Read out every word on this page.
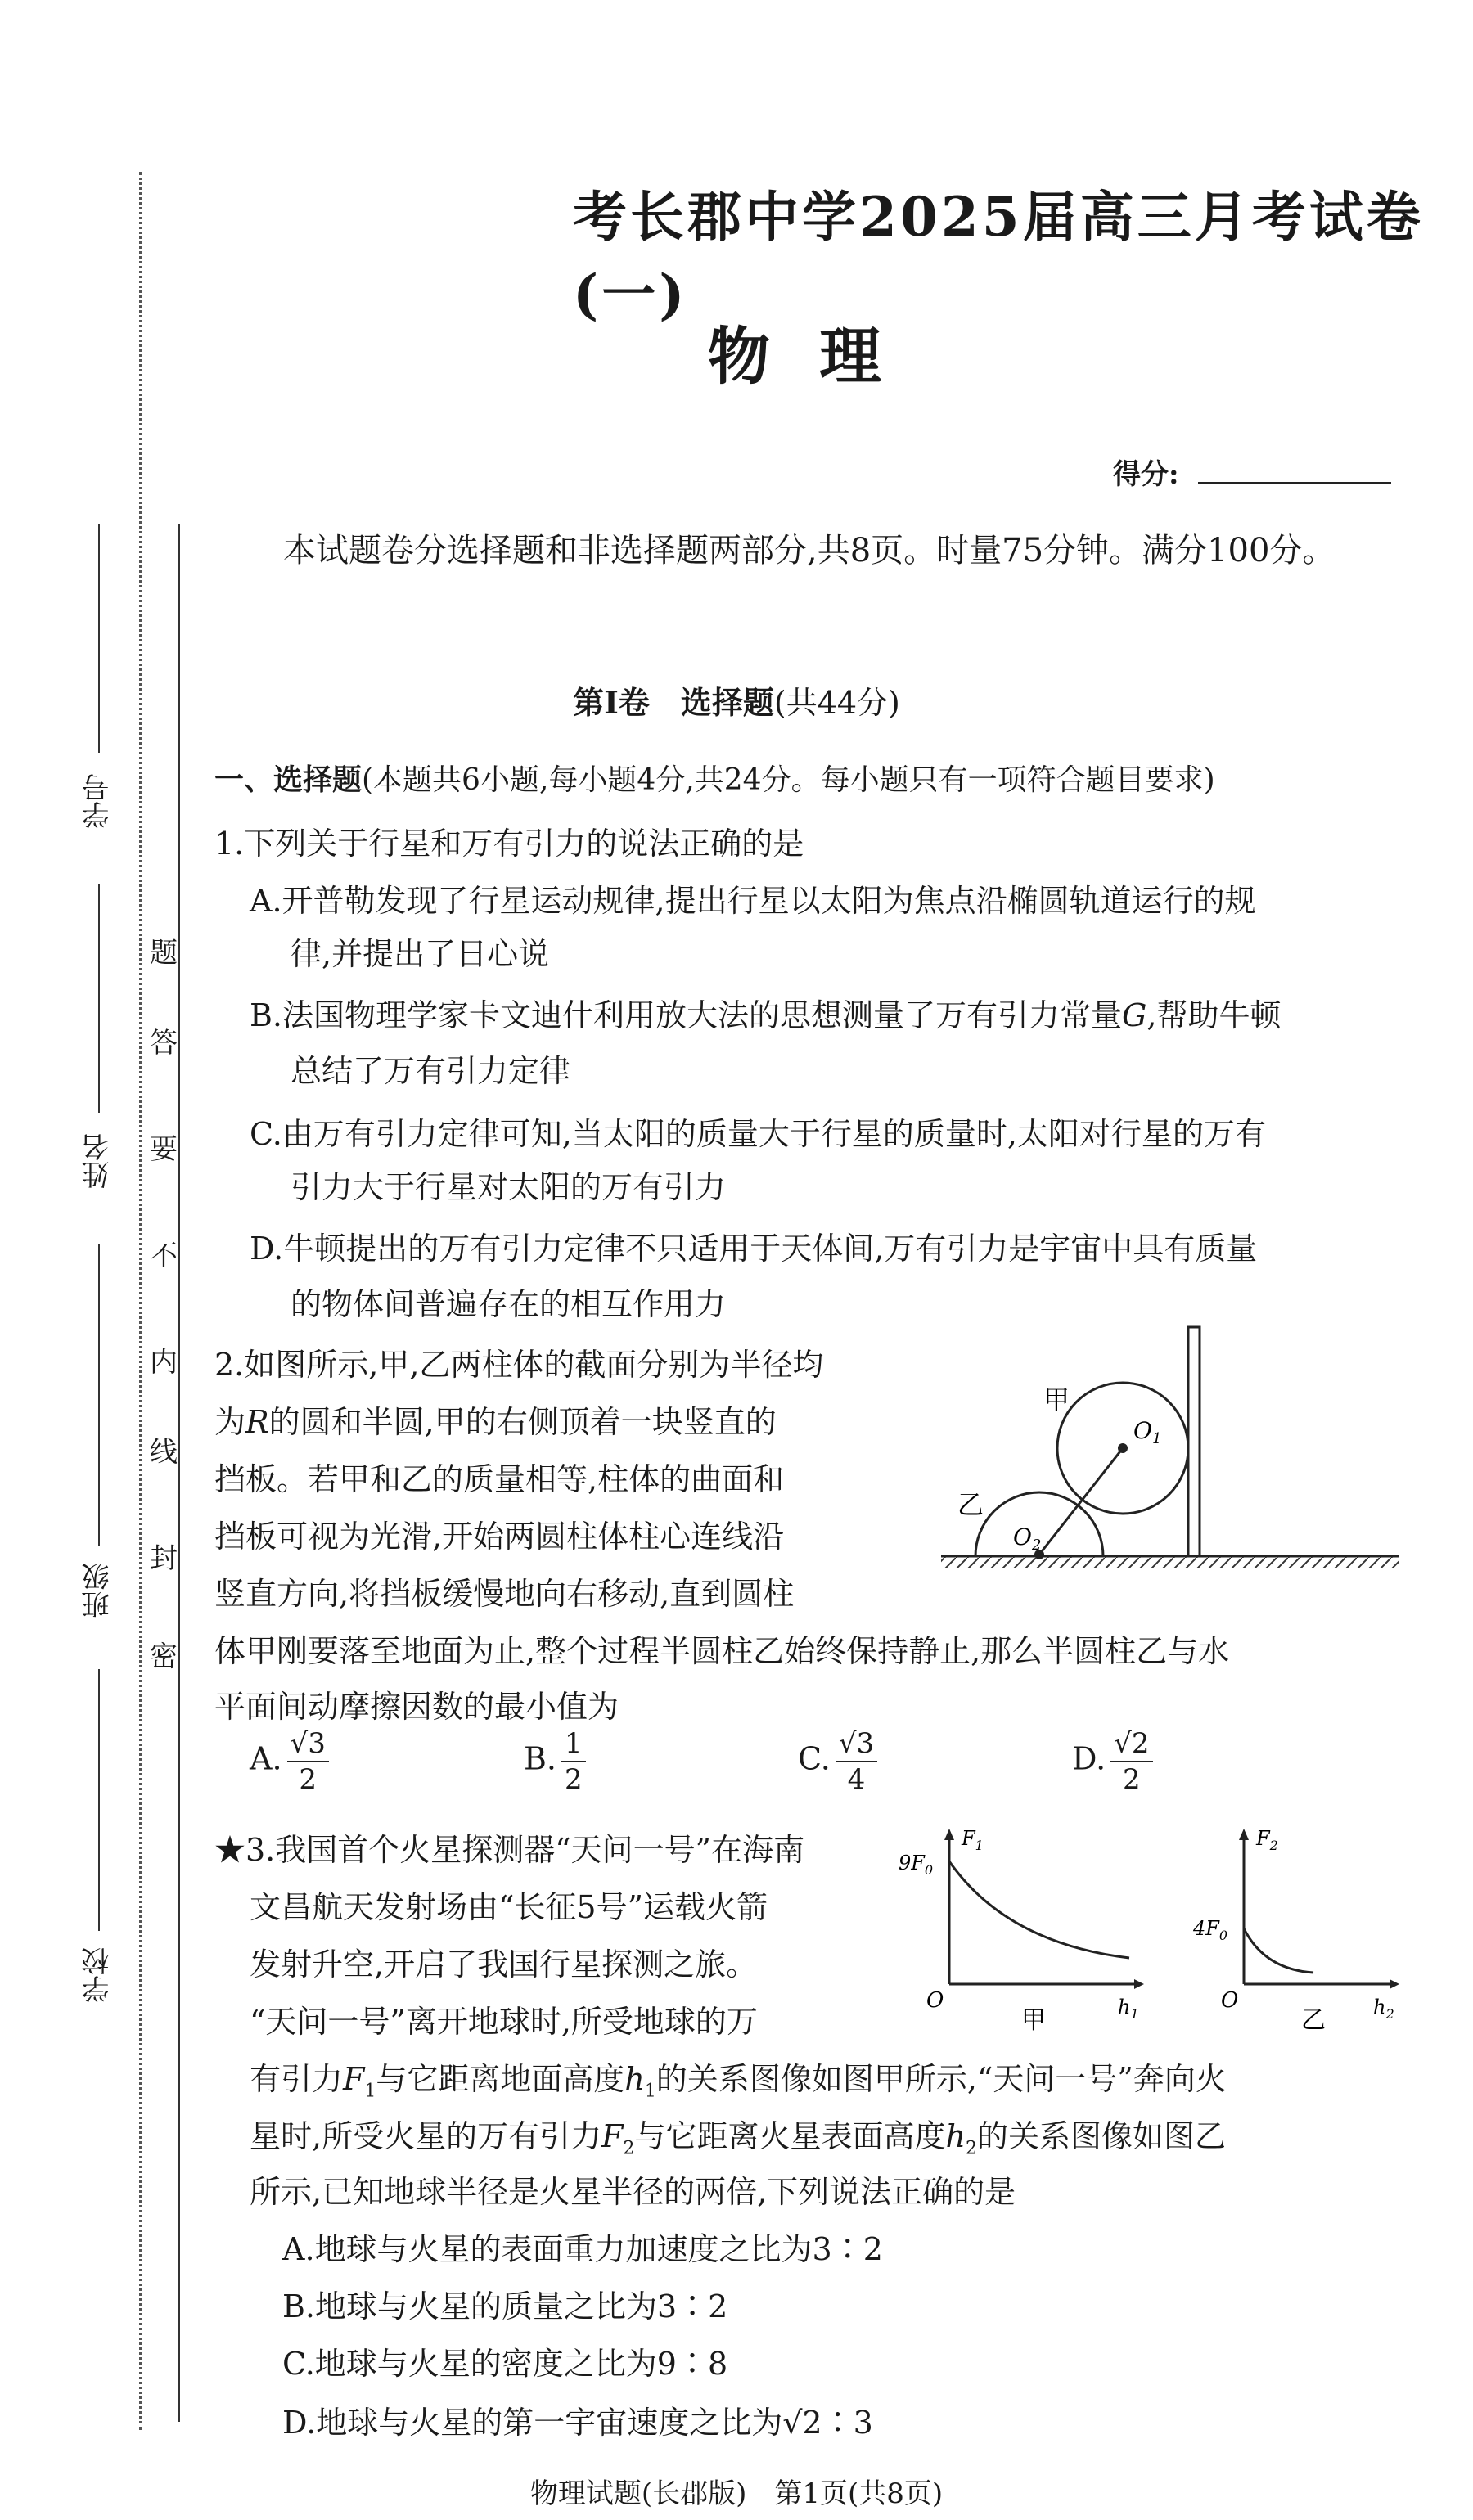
考长郡中学2025届高三月考试卷(一)
物理
得分:
题
答
要
不
内
线
封
密
学号
姓名
班级
学校
本试题卷分选择题和非选择题两部分,共8页。时量75分钟。满分100分。
第Ⅰ卷　选择题(共44分)
一、选择题(本题共6小题,每小题4分,共24分。每小题只有一项符合题目要求)
1.下列关于行星和万有引力的说法正确的是
A.开普勒发现了行星运动规律,提出行星以太阳为焦点沿椭圆轨道运行的规
律,并提出了日心说
B.法国物理学家卡文迪什利用放大法的思想测量了万有引力常量G,帮助牛顿
总结了万有引力定律
C.由万有引力定律可知,当太阳的质量大于行星的质量时,太阳对行星的万有
引力大于行星对太阳的万有引力
D.牛顿提出的万有引力定律不只适用于天体间,万有引力是宇宙中具有质量
的物体间普遍存在的相互作用力
2.如图所示,甲,乙两柱体的截面分别为半径均
为R的圆和半圆,甲的右侧顶着一块竖直的
挡板。若甲和乙的质量相等,柱体的曲面和
挡板可视为光滑,开始两圆柱体柱心连线沿
竖直方向,将挡板缓慢地向右移动,直到圆柱
体甲刚要落至地面为止,整个过程半圆柱乙始终保持静止,那么半圆柱乙与水
平面间动摩擦因数的最小值为
甲
乙
$O_1$
$O_2$
A. $\frac{√3}{2}$	B. $\frac{1}{2}$	C. $\frac{√3}{4}$	D. $\frac{√2}{2}$
★3.我国首个火星探测器“天问一号”在海南
文昌航天发射场由“长征5号”运载火箭
发射升空,开启了我国行星探测之旅。
“天问一号”离开地球时,所受地球的万
有引力$F_1$与它距离地面高度$h_1$的关系图像如图甲所示,“天问一号”奔向火
星时,所受火星的万有引力$F_2$与它距离火星表面高度$h_2$的关系图像如图乙
所示,已知地球半径是火星半径的两倍,下列说法正确的是
A.地球与火星的表面重力加速度之比为3∶2
B.地球与火星的质量之比为3∶2
C.地球与火星的密度之比为9∶8
D.地球与火星的第一宇宙速度之比为√2∶3
$F_1$
$9F_0$
O	$h_1$
甲
$F_2$
$4F_0$
O	$h_2$
乙
物理试题(长郡版)　第1页(共8页)
